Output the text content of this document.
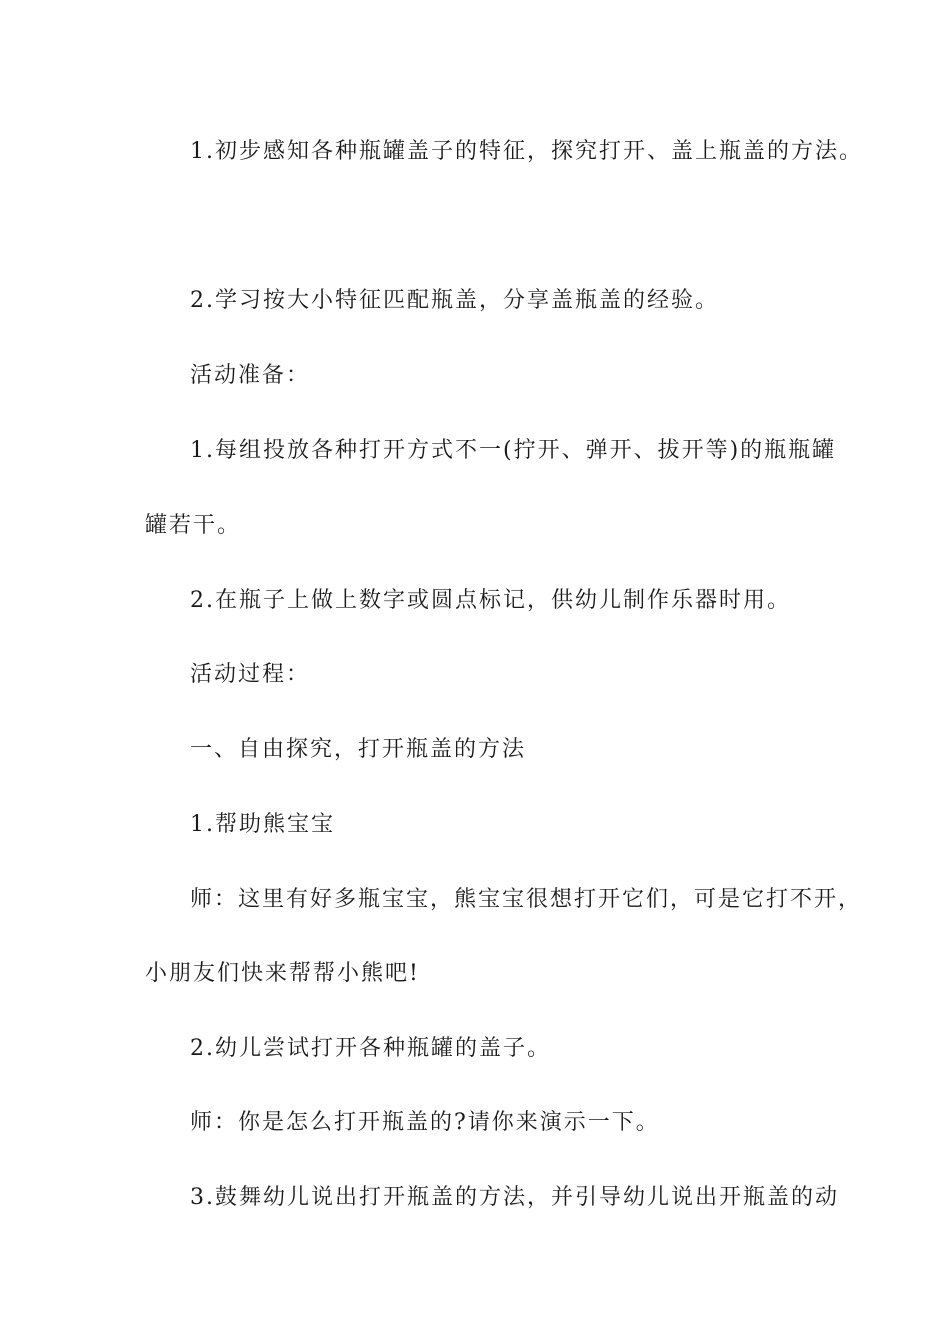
1.初步感知各种瓶罐盖子的特征，探究打开、盖上瓶盖的方法。
2.学习按大小特征匹配瓶盖，分享盖瓶盖的经验。
活动准备：
1.每组投放各种打开方式不一(拧开、弹开、拔开等)的瓶瓶罐
罐若干。
2.在瓶子上做上数字或圆点标记，供幼儿制作乐器时用。
活动过程：
一、自由探究，打开瓶盖的方法
1.帮助熊宝宝
师：这里有好多瓶宝宝，熊宝宝很想打开它们，可是它打不开，
小朋友们快来帮帮小熊吧!
2.幼儿尝试打开各种瓶罐的盖子。
师：你是怎么打开瓶盖的?请你来演示一下。
3.鼓舞幼儿说出打开瓶盖的方法，并引导幼儿说出开瓶盖的动
